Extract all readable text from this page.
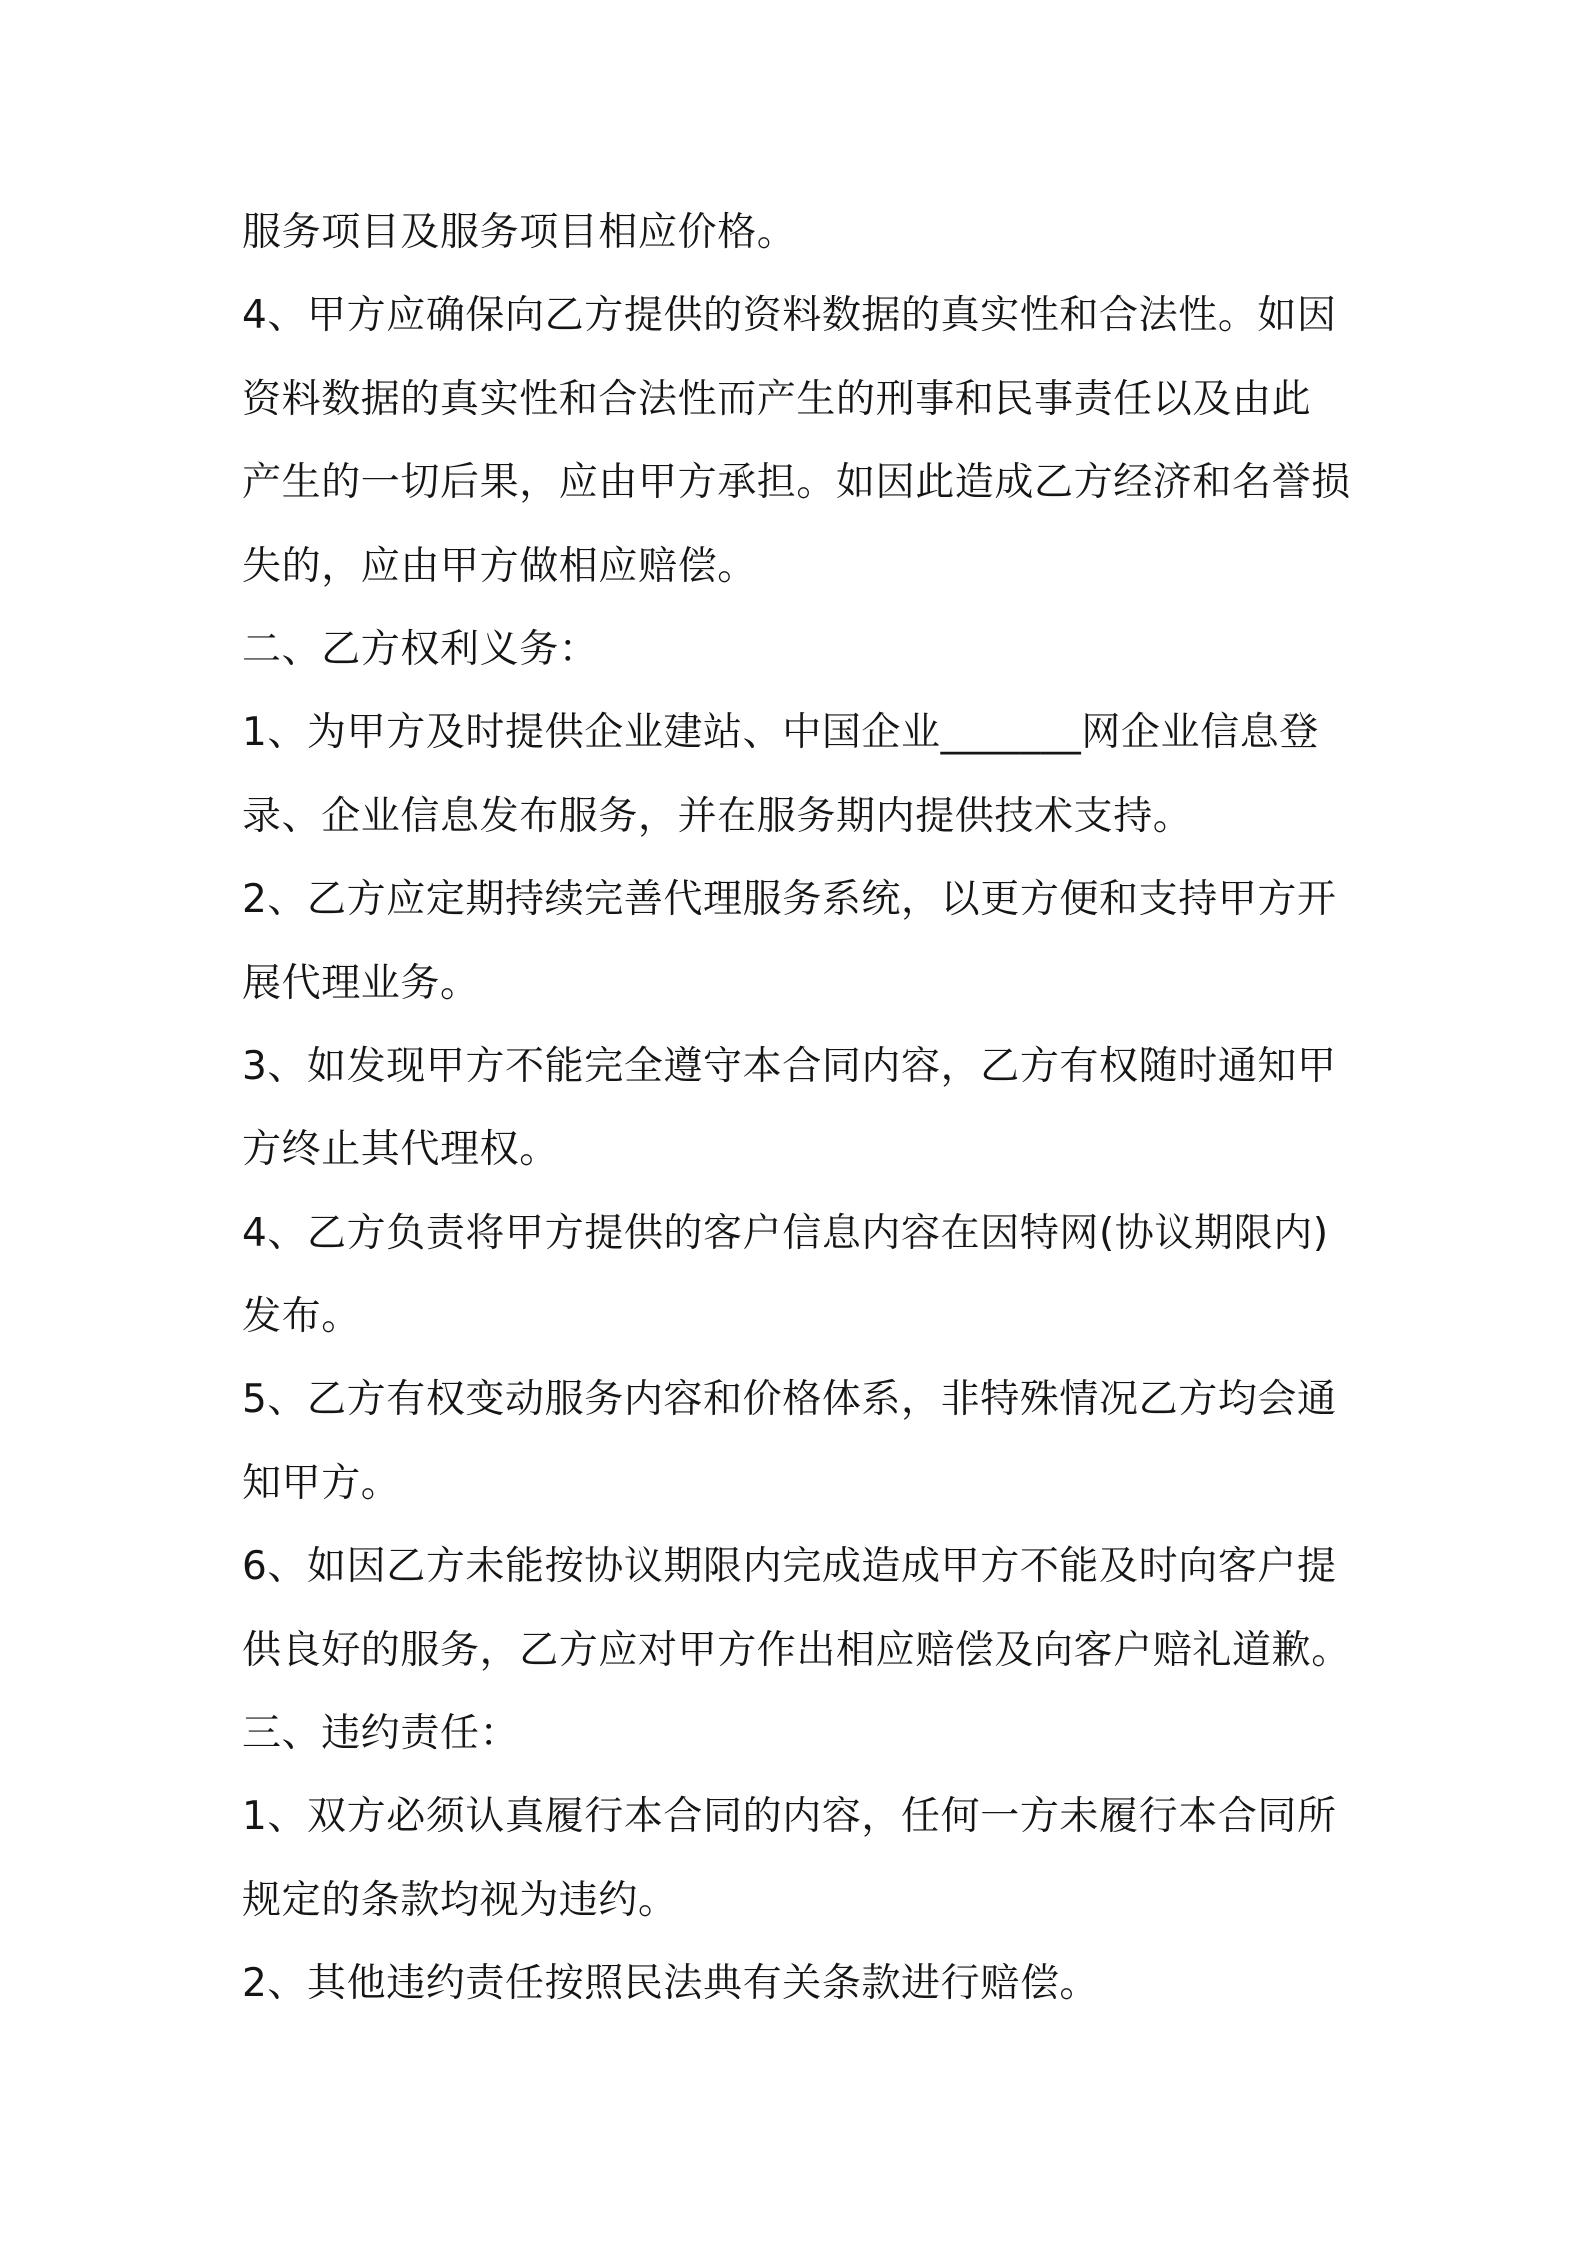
服务项目及服务项目相应价格。
4、甲方应确保向乙方提供的资料数据的真实性和合法性。如因
资料数据的真实性和合法性而产生的刑事和民事责任以及由此
产生的一切后果，应由甲方承担。如因此造成乙方经济和名誉损
失的，应由甲方做相应赔偿。
二、乙方权利义务：
1、为甲方及时提供企业建站、中国企业_______网企业信息登
录、企业信息发布服务，并在服务期内提供技术支持。
2、乙方应定期持续完善代理服务系统，以更方便和支持甲方开
展代理业务。
3、如发现甲方不能完全遵守本合同内容，乙方有权随时通知甲
方终止其代理权。
4、乙方负责将甲方提供的客户信息内容在因特网(协议期限内)
发布。
5、乙方有权变动服务内容和价格体系，非特殊情况乙方均会通
知甲方。
6、如因乙方未能按协议期限内完成造成甲方不能及时向客户提
供良好的服务，乙方应对甲方作出相应赔偿及向客户赔礼道歉。
三、违约责任：
1、双方必须认真履行本合同的内容，任何一方未履行本合同所
规定的条款均视为违约。
2、其他违约责任按照民法典有关条款进行赔偿。
